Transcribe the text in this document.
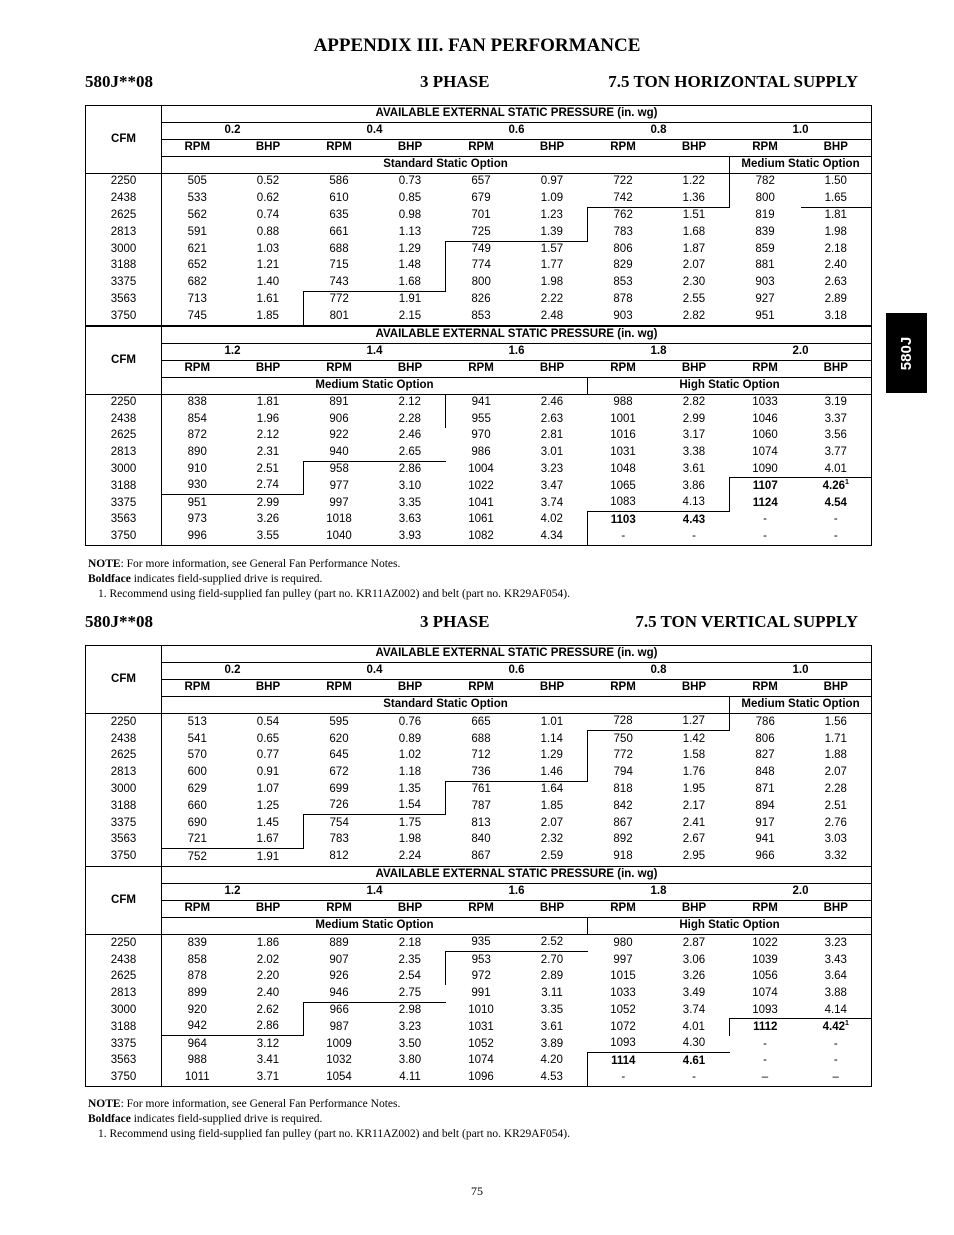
APPENDIX III. FAN PERFORMANCE
580J**08	3 PHASE	7.5 TON HORIZONTAL SUPPLY
CFM	AVAILABLE EXTERNAL STATIC PRESSURE (in. wg)									
	0.2		0.4		0.6		0.8		1.0	
	RPM	BHP	RPM	BHP	RPM	BHP	RPM	BHP	RPM	BHP
	Standard Static Option								Medium Static Option	
2250	505	0.52	586	0.73	657	0.97	722	1.22	782	1.50
2438	533	0.62	610	0.85	679	1.09	742	1.36	800	1.65
2625	562	0.74	635	0.98	701	1.23	762	1.51	819	1.81
2813	591	0.88	661	1.13	725	1.39	783	1.68	839	1.98
3000	621	1.03	688	1.29	749	1.57	806	1.87	859	2.18
3188	652	1.21	715	1.48	774	1.77	829	2.07	881	2.40
3375	682	1.40	743	1.68	800	1.98	853	2.30	903	2.63
3563	713	1.61	772	1.91	826	2.22	878	2.55	927	2.89
3750	745	1.85	801	2.15	853	2.48	903	2.82	951	3.18
CFM	AVAILABLE EXTERNAL STATIC PRESSURE (in. wg)									
	1.2		1.4		1.6		1.8		2.0	
	RPM	BHP	RPM	BHP	RPM	BHP	RPM	BHP	RPM	BHP
	Medium Static Option						High Static Option			
2250	838	1.81	891	2.12	941	2.46	988	2.82	1033	3.19
2438	854	1.96	906	2.28	955	2.63	1001	2.99	1046	3.37
2625	872	2.12	922	2.46	970	2.81	1016	3.17	1060	3.56
2813	890	2.31	940	2.65	986	3.01	1031	3.38	1074	3.77
3000	910	2.51	958	2.86	1004	3.23	1048	3.61	1090	4.01
3188	930	2.74	977	3.10	1022	3.47	1065	3.86	1107	4.26$^1$
3375	951	2.99	997	3.35	1041	3.74	1083	4.13	1124	4.54
3563	973	3.26	1018	3.63	1061	4.02	1103	4.43	-	-
3750	996	3.55	1040	3.93	1082	4.34	-	-	-	-
NOTE: For more information, see General Fan Performance Notes.
Boldface indicates field-supplied drive is required.
1. Recommend using field-supplied fan pulley (part no. KR11AZ002) and belt (part no. KR29AF054).
580J**08	3 PHASE	7.5 TON VERTICAL SUPPLY
CFM	AVAILABLE EXTERNAL STATIC PRESSURE (in. wg)									
	0.2		0.4		0.6		0.8		1.0	
	RPM	BHP	RPM	BHP	RPM	BHP	RPM	BHP	RPM	BHP
	Standard Static Option								Medium Static Option	
2250	513	0.54	595	0.76	665	1.01	728	1.27	786	1.56
2438	541	0.65	620	0.89	688	1.14	750	1.42	806	1.71
2625	570	0.77	645	1.02	712	1.29	772	1.58	827	1.88
2813	600	0.91	672	1.18	736	1.46	794	1.76	848	2.07
3000	629	1.07	699	1.35	761	1.64	818	1.95	871	2.28
3188	660	1.25	726	1.54	787	1.85	842	2.17	894	2.51
3375	690	1.45	754	1.75	813	2.07	867	2.41	917	2.76
3563	721	1.67	783	1.98	840	2.32	892	2.67	941	3.03
3750	752	1.91	812	2.24	867	2.59	918	2.95	966	3.32
CFM	AVAILABLE EXTERNAL STATIC PRESSURE (in. wg)									
	1.2		1.4		1.6		1.8		2.0	
	RPM	BHP	RPM	BHP	RPM	BHP	RPM	BHP	RPM	BHP
	Medium Static Option						High Static Option			
2250	839	1.86	889	2.18	935	2.52	980	2.87	1022	3.23
2438	858	2.02	907	2.35	953	2.70	997	3.06	1039	3.43
2625	878	2.20	926	2.54	972	2.89	1015	3.26	1056	3.64
2813	899	2.40	946	2.75	991	3.11	1033	3.49	1074	3.88
3000	920	2.62	966	2.98	1010	3.35	1052	3.74	1093	4.14
3188	942	2.86	987	3.23	1031	3.61	1072	4.01	1112	4.42$^1$
3375	964	3.12	1009	3.50	1052	3.89	1093	4.30	-	-
3563	988	3.41	1032	3.80	1074	4.20	1114	4.61	-	-
3750	1011	3.71	1054	4.11	1096	4.53	-	-	–	–
NOTE: For more information, see General Fan Performance Notes.
Boldface indicates field-supplied drive is required.
1. Recommend using field-supplied fan pulley (part no. KR11AZ002) and belt (part no. KR29AF054).
580J
75
